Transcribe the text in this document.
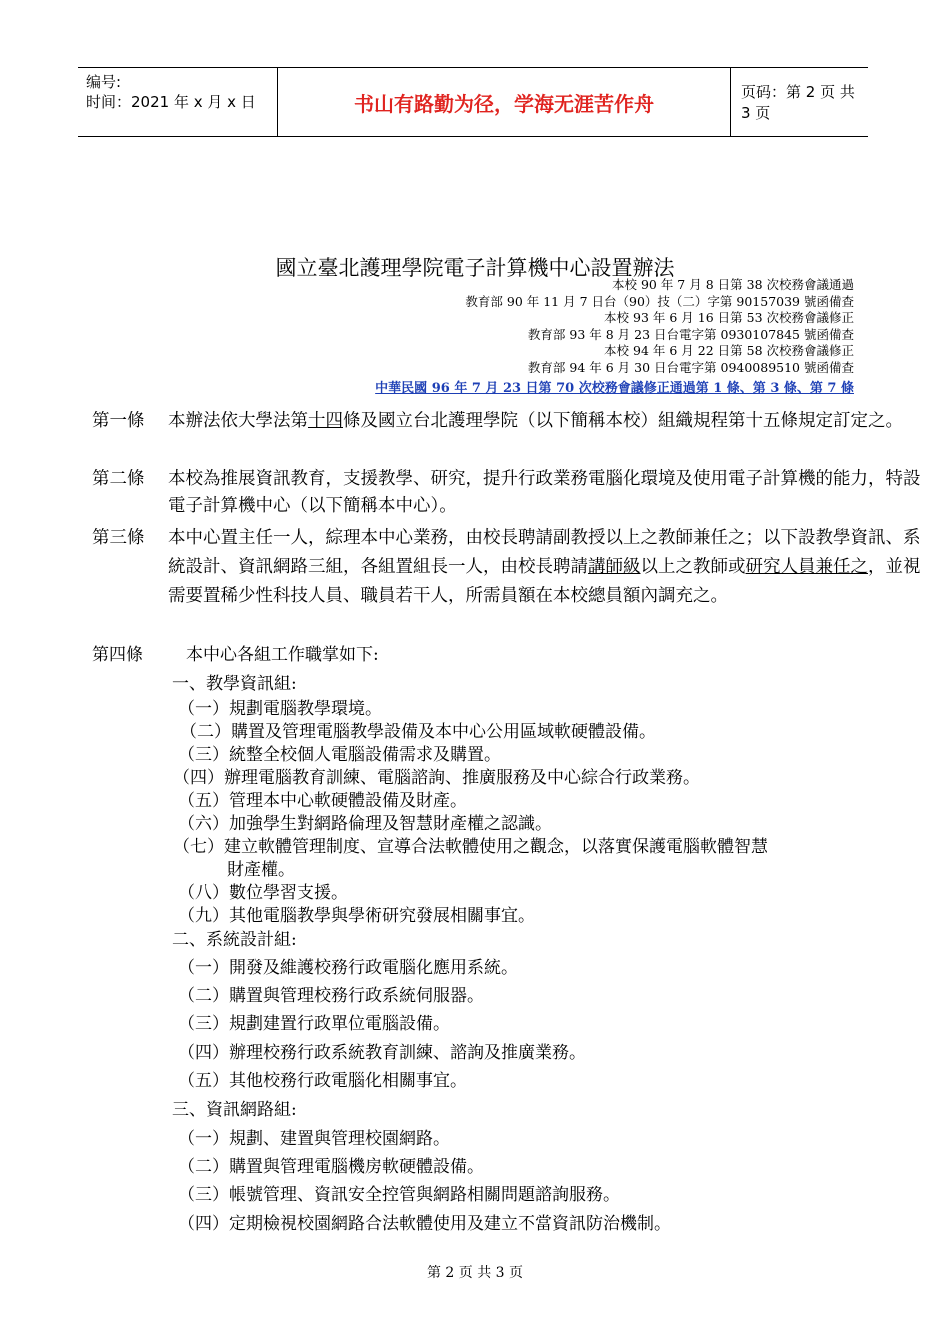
编号:
时间：2021 年 x 月 x 日	书山有路勤为径，学海无涯苦作舟	页码：第 2 页 共 3 页
國立臺北護理學院電子計算機中心設置辦法
本校 90 年 7 月 8 日第 38 次校務會議通過
教育部 90 年 11 月 7 日台（90）技（二）字第 90157039 號函備查
本校 93 年 6 月 16 日第 53 次校務會議修正
教育部 93 年 8 月 23 日台電字第 0930107845 號函備查
本校 94 年 6 月 22 日第 58 次校務會議修正
教育部 94 年 6 月 30 日台電字第 0940089510 號函備查
中華民國 96 年 7 月 23 日第 70 次校務會議修正通過第 1 條、第 3 條、第 7 條
第一條	本辦法依大學法第十四條及國立台北護理學院（以下簡稱本校）組織規程第十五條規定訂定之。
第二條	本校為推展資訊教育，支援教學、研究，提升行政業務電腦化環境及使用電子計算機的能力，特設電子計算機中心（以下簡稱本中心）。
第三條	本中心置主任一人，綜理本中心業務，由校長聘請副教授以上之教師兼任之；以下設教學資訊、系統設計、資訊網路三組，各組置組長一人，由校長聘請講師級以上之教師或研究人員兼任之，並視需要置稀少性科技人員、職員若干人，所需員額在本校總員額內調充之。
第四條	本中心各組工作職掌如下:
一、教學資訊組:
（一）規劃電腦教學環境。
（二）購置及管理電腦教學設備及本中心公用區域軟硬體設備。
（三）統整全校個人電腦設備需求及購置。
（四）辦理電腦教育訓練、電腦諮詢、推廣服務及中心綜合行政業務。
（五）管理本中心軟硬體設備及財產。
（六）加強學生對網路倫理及智慧財產權之認識。
（七）建立軟體管理制度、宣導合法軟體使用之觀念，以落實保護電腦軟體智慧
財產權。
（八）數位學習支援。
（九）其他電腦教學與學術研究發展相關事宜。
二、系統設計組:
（一）開發及維護校務行政電腦化應用系統。
（二）購置與管理校務行政系統伺服器。
（三）規劃建置行政單位電腦設備。
（四）辦理校務行政系統教育訓練、諮詢及推廣業務。
（五）其他校務行政電腦化相關事宜。
三、資訊網路組:
（一）規劃、建置與管理校園網路。
（二）購置與管理電腦機房軟硬體設備。
（三）帳號管理、資訊安全控管與網路相關問題諮詢服務。
（四）定期檢視校園網路合法軟體使用及建立不當資訊防治機制。
第 2 页 共 3 页
